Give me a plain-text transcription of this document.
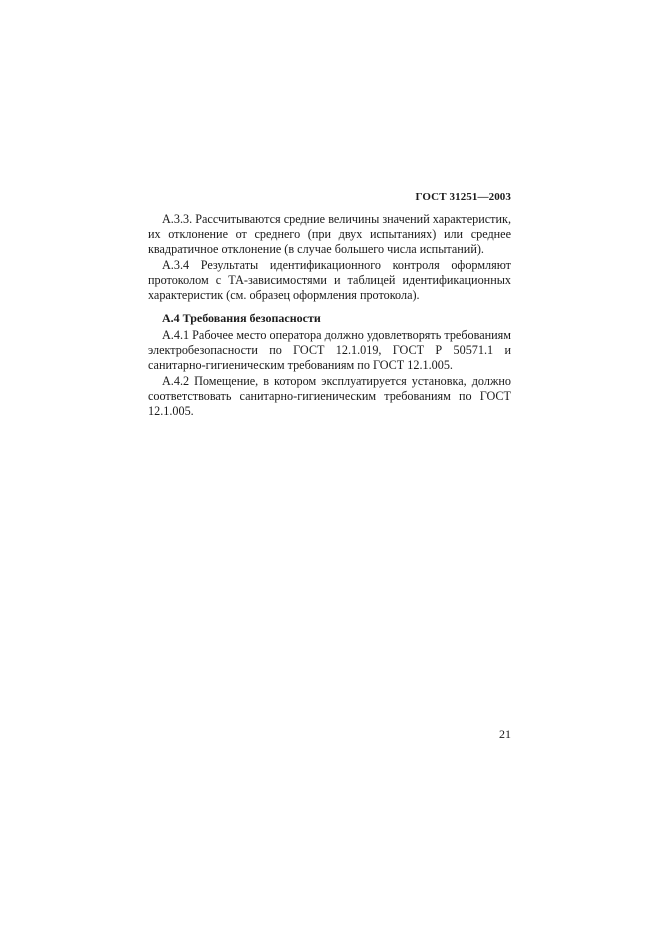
ГОСТ 31251—2003

А.3.3. Рассчитываются средние величины значений характеристик, их отклонение от среднего (при двух испытаниях) или среднее квадратичное отклонение (в случае большего числа испытаний).

А.3.4 Результаты идентификационного контроля оформляют протоколом с ТА-зависимостями и таблицей идентификационных характеристик (см. образец оформления протокола).

А.4 Требования безопасности

А.4.1 Рабочее место оператора должно удовлетворять требованиям электробезопасности по ГОСТ 12.1.019, ГОСТ Р 50571.1 и санитарно-гигиеническим требованиям по ГОСТ 12.1.005.

А.4.2 Помещение, в котором эксплуатируется установка, должно соответствовать санитарно-гигиеническим требованиям по ГОСТ 12.1.005.

21
